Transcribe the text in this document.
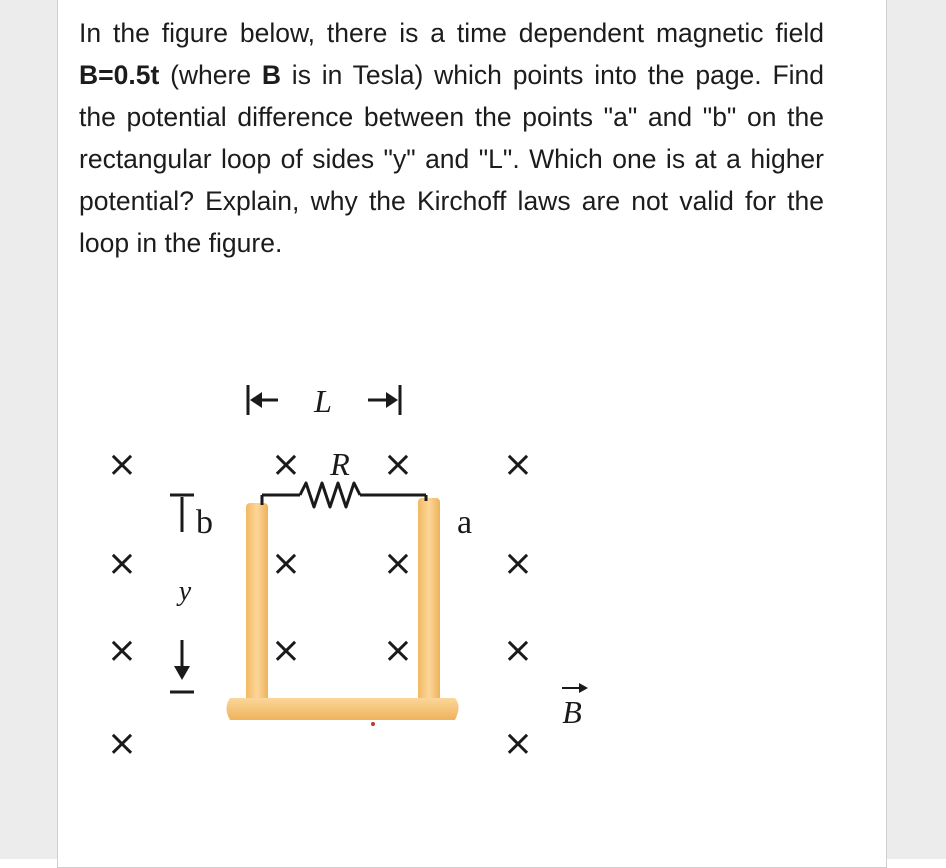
In the figure below, there is a time dependent magnetic field B=0.5t (where B is in Tesla) which points into the page. Find the potential difference between the points "a" and "b" on the rectangular loop of sides "y" and "L". Which one is at a higher potential? Explain, why the Kirchoff laws are not valid for the loop in the figure.

L
y
b	a
R
B
×
×
×
×
× ×
× ×
× ×
×
×
×
×
